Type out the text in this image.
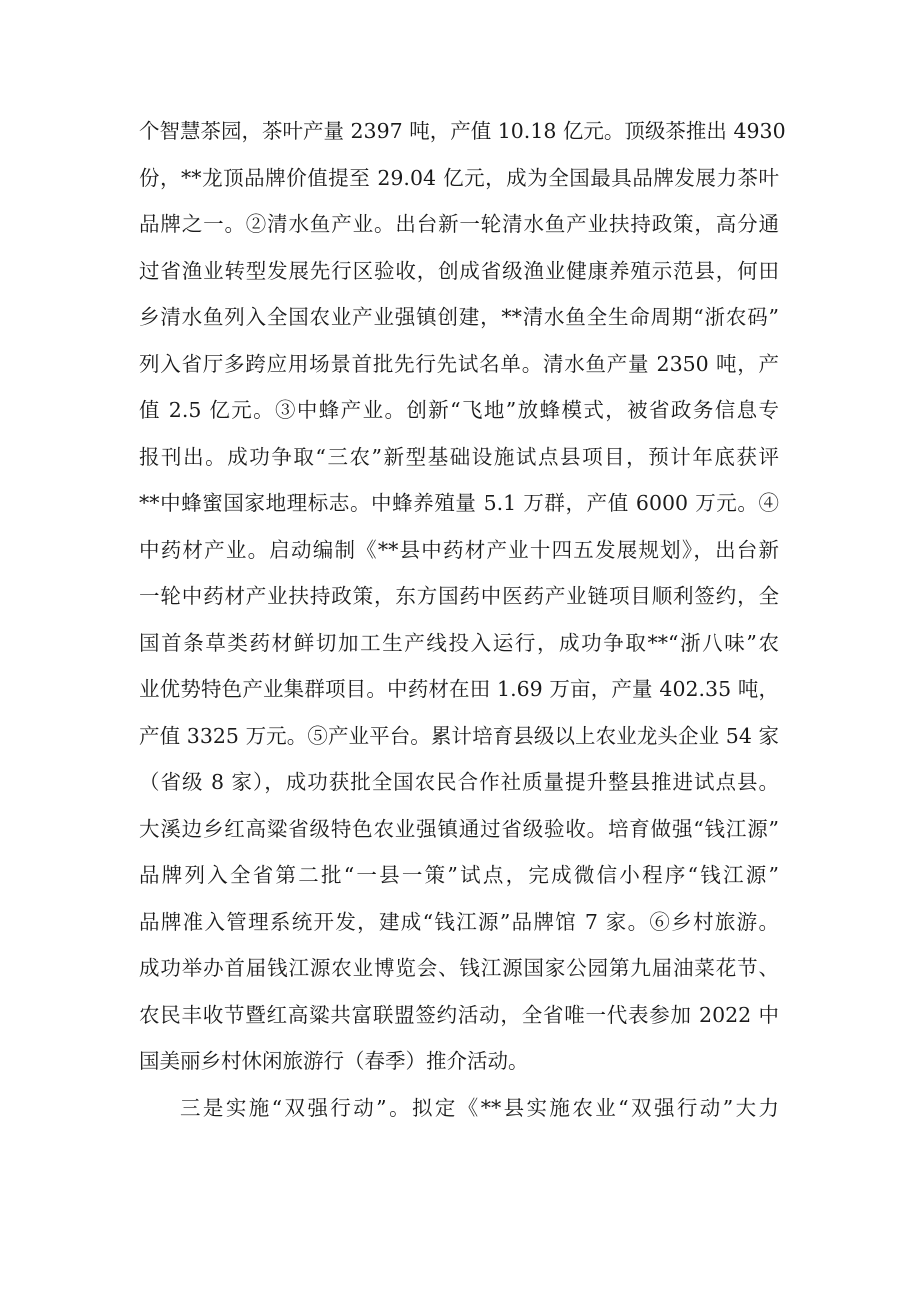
个智慧茶园，茶叶产量 2397 吨，产值 10.18 亿元。顶级茶推出 4930
份，**龙顶品牌价值提至 29.04 亿元，成为全国最具品牌发展力茶叶
品牌之一。②清水鱼产业。出台新一轮清水鱼产业扶持政策，高分通
过省渔业转型发展先行区验收，创成省级渔业健康养殖示范县，何田
乡清水鱼列入全国农业产业强镇创建，**清水鱼全生命周期“浙农码”
列入省厅多跨应用场景首批先行先试名单。清水鱼产量 2350 吨，产
值 2.5 亿元。③中蜂产业。创新“飞地”放蜂模式，被省政务信息专
报刊出。成功争取“三农”新型基础设施试点县项目，预计年底获评
**中蜂蜜国家地理标志。中蜂养殖量 5.1 万群，产值 6000 万元。④
中药材产业。启动编制《**县中药材产业十四五发展规划》，出台新
一轮中药材产业扶持政策，东方国药中医药产业链项目顺利签约，全
国首条草类药材鲜切加工生产线投入运行，成功争取**“浙八味”农
业优势特色产业集群项目。中药材在田 1.69 万亩，产量 402.35 吨，
产值 3325 万元。⑤产业平台。累计培育县级以上农业龙头企业 54 家
（省级 8 家），成功获批全国农民合作社质量提升整县推进试点县。
大溪边乡红高粱省级特色农业强镇通过省级验收。培育做强“钱江源”
品牌列入全省第二批“一县一策”试点，完成微信小程序“钱江源”
品牌准入管理系统开发，建成“钱江源”品牌馆 7 家。⑥乡村旅游。
成功举办首届钱江源农业博览会、钱江源国家公园第九届油菜花节、
农民丰收节暨红高粱共富联盟签约活动，全省唯一代表参加 2022 中
国美丽乡村休闲旅游行（春季）推介活动。
三是实施“双强行动”。拟定《**县实施农业“双强行动”大力
